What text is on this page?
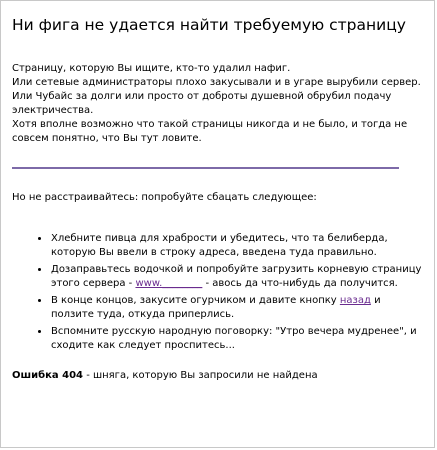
Ни фига не удается найти требуемую страницу

Страницу, которую Вы ищите, кто-то удалил нафиг.

Или сетевые администраторы плохо закусывали и в угаре вырубили сервер. Или Чубайс за долги или просто от доброты душевной обрубил подачу электричества.

Хотя вполне возможно что такой страницы никогда и не было, и тогда не совсем понятно, что Вы тут ловите.

Но не расстраивайтесь: попробуйте сбацать следующее:
• Хлебните пивца для храбрости и убедитесь, что та белиберда, которую Вы ввели в строку адреса, введена туда правильно.
• Дозаправьтесь водочкой и попробуйте загрузить корневую страницу этого сервера - www.________ - авось да что-нибудь да получится.
• В конце концов, закусите огурчиком и давите кнопку назад и ползите туда, откуда приперлись.
• Вспомните русскую народную поговорку: "Утро вечера мудренее", и сходите как следует проспитесь...
Ошибка 404 - шняга, которую Вы запросили не найдена
